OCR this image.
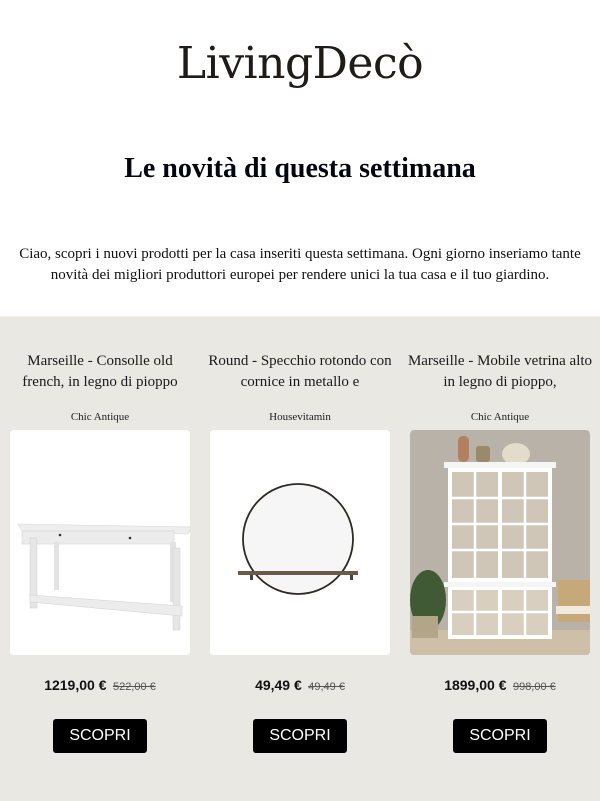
LivingDecò
Le novità di questa settimana

Ciao, scopri i nuovi prodotti per la casa inseriti questa settimana. Ogni giorno inseriamo tante novità dei migliori produttori europei per rendere unici la tua casa e il tuo giardino.

Marseille - Consolle old french, in legno di pioppo
Chic Antique
1219,00 € 522,00 €
SCOPRI
Round - Specchio rotondo con cornice in metallo e
Housevitamin
49,49 € 49,49 €
SCOPRI
Marseille - Mobile vetrina alto in legno di pioppo,
Chic Antique
1899,00 € 998,00 €
SCOPRI
